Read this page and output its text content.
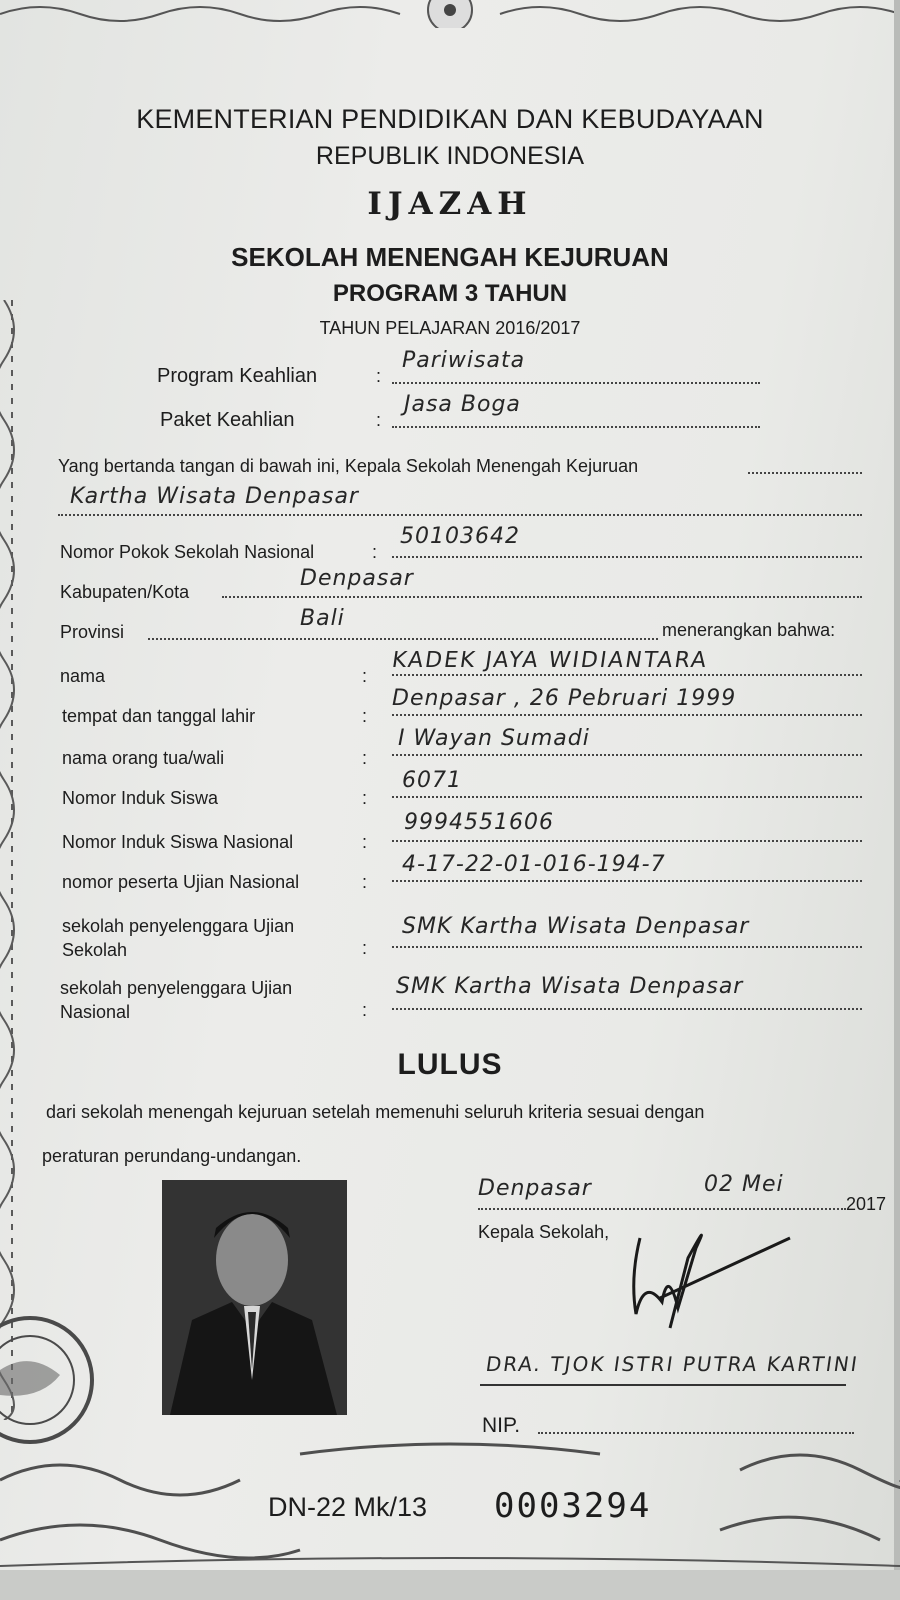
KEMENTERIAN PENDIDIKAN DAN KEBUDAYAAN
REPUBLIK INDONESIA
IJAZAH
SEKOLAH MENENGAH KEJURUAN
PROGRAM 3 TAHUN
TAHUN PELAJARAN 2016/2017
Program Keahlian	:
Pariwisata
Paket Keahlian	:
Jasa Boga
Yang bertanda tangan di bawah ini, Kepala Sekolah Menengah Kejuruan
Kartha Wisata Denpasar
Nomor Pokok Sekolah Nasional	:
50103642
Kabupaten/Kota
Denpasar
Provinsi
Bali	menerangkan bahwa:
nama	:
KADEK JAYA WIDIANTARA
tempat dan tanggal lahir	:
Denpasar , 26 Pebruari 1999
nama orang tua/wali	:
I Wayan Sumadi
Nomor Induk Siswa	:
6071
Nomor Induk Siswa Nasional	:
9994551606
nomor peserta Ujian Nasional	:
4-17-22-01-016-194-7
sekolah penyelenggara Ujian
Sekolah	:
SMK Kartha Wisata Denpasar
sekolah penyelenggara Ujian
Nasional	:
SMK Kartha Wisata Denpasar
LULUS
dari sekolah menengah kejuruan setelah memenuhi seluruh kriteria sesuai dengan
peraturan perundang-undangan.
Denpasar	02 Mei
2017
Kepala Sekolah,
DRA. TJOK ISTRI PUTRA KARTINI
NIP.
DN-22 Mk/13 0003294
